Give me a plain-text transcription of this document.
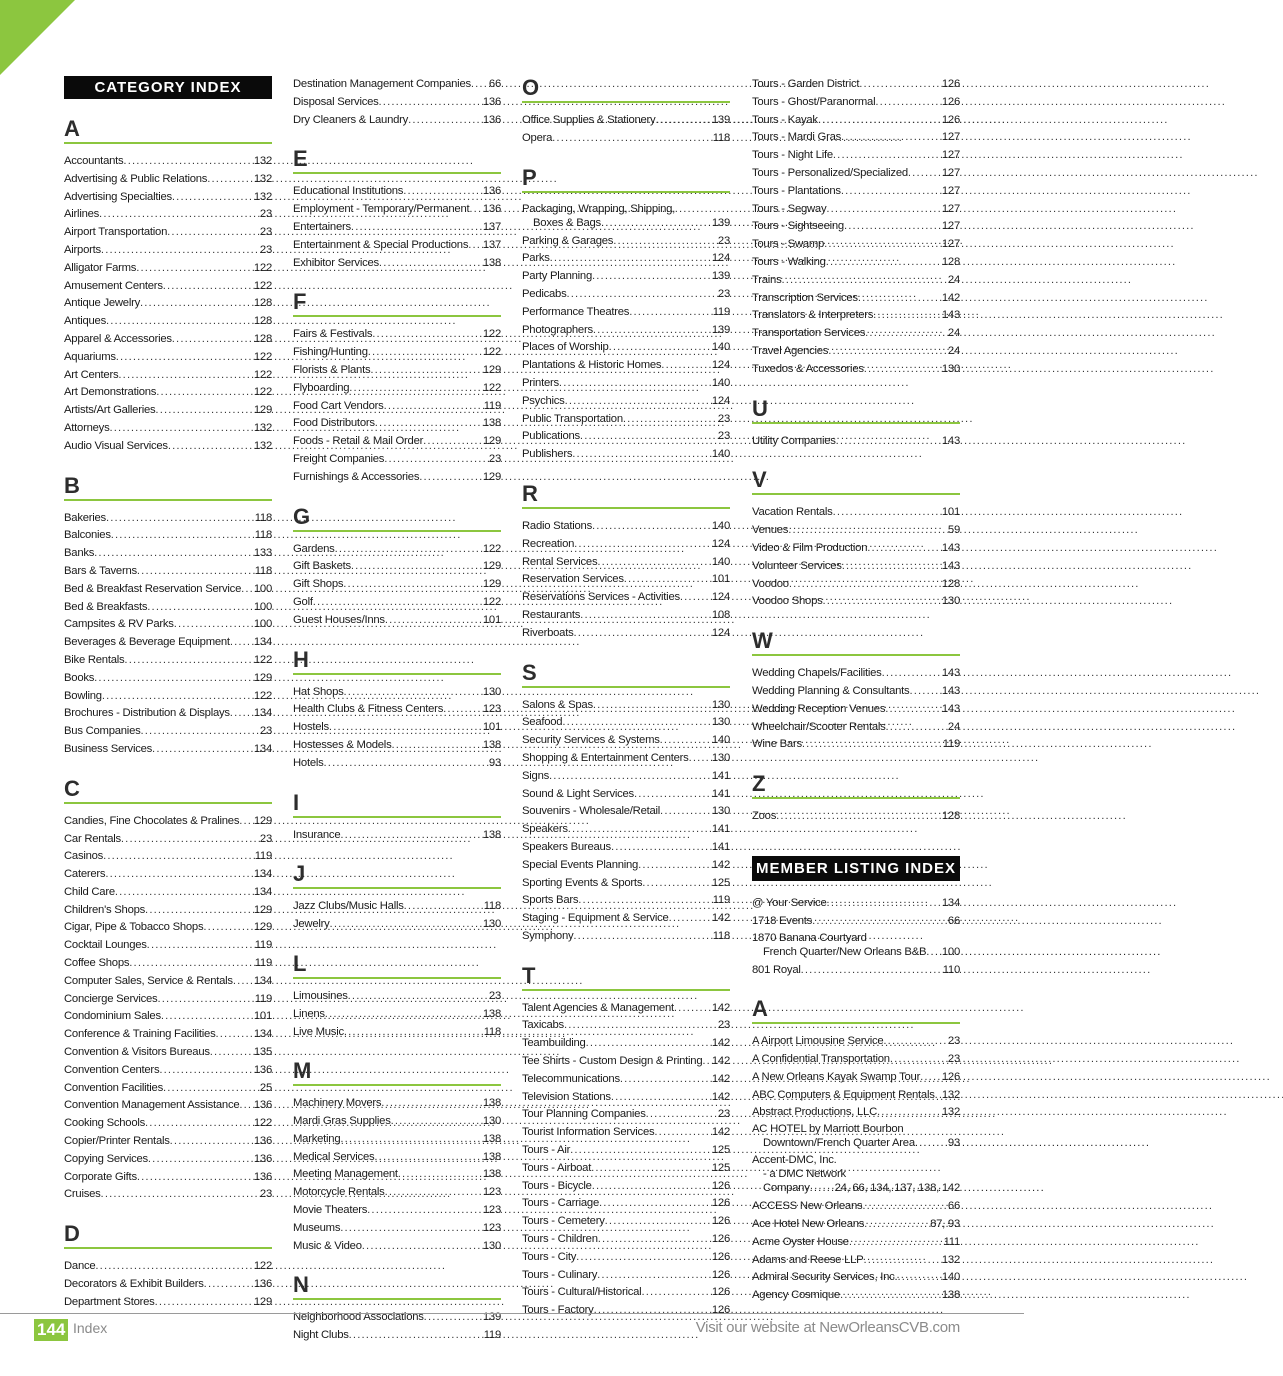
CATEGORY INDEX
A
Accountants . . .	132
Advertising & Public Relations . . .	132
Advertising Specialties . . .	132
Airlines . . .	23
Airport Transportation . . .	23
Airports . . .	23
Alligator Farms . . .	122
Amusement Centers . . .	122
Antique Jewelry . . .	128
Antiques . . .	128
Apparel & Accessories . . .	128
Aquariums . . .	122
Art Centers . . .	122
Art Demonstrations . . .	122
Artists/Art Galleries . . .	129
Attorneys . . .	132
Audio Visual Services . . .	132
B
Bakeries . . .	118
Balconies . . .	118
Banks . . .	133
Bars & Taverns . . .	118
Bed & Breakfast Reservation Service . . . 100
Bed & Breakfasts . . .	100
Campsites & RV Parks . . .	100
Beverages & Beverage Equipment . . . 134
Bike Rentals . . .	122
Books . . .	129
Bowling . . .	122
Brochures - Distribution & Displays . . . 134
Bus Companies . . .	23
Business Services . . .	134
C
Candies, Fine Chocolates & Pralines . . . 129
Car Rentals . . .	23
Casinos . . .	119
Caterers . . .	134
Child Care . . .	134
Children's Shops . . .	129
Cigar, Pipe & Tobacco Shops . . .	129
Cocktail Lounges . . .	119
Coffee Shops . . .	119
Computer Sales, Service & Rentals . . . 134
Concierge Services . . .	119
Condominium Sales . . .	101
Conference & Training Facilities . . .	134
Convention & Visitors Bureaus . . .	135
Convention Centers . . .	136
Convention Facilities . . .	25
Convention Management Assistance . . . 136
Cooking Schools . . .	122
Copier/Printer Rentals . . .	136
Copying Services . . .	136
Corporate Gifts . . .	136
Cruises . . .	23
D
Dance . . .	122
Decorators & Exhibit Builders . . .	136
Department Stores . . .	129
Destination Management Companies . . . 66
Disposal Services . . .	136
Dry Cleaners & Laundry . . .	136
E
Educational Institutions . . .	136
Employment - Temporary/Permanent . . . 136
Entertainers . . .	137
Entertainment & Special Productions . . . 137
Exhibitor Services . . .	138
F
Fairs & Festivals . . .	122
Fishing/Hunting . . .	122
Florists & Plants . . .	129
Flyboarding . . .	122
Food Cart Vendors . . .	119
Food Distributors . . .	138
Foods - Retail & Mail Order . . .	129
Freight Companies . . .	23
Furnishings & Accessories . . .	129
G
Gardens . . .	122
Gift Baskets . . .	129
Gift Shops . . .	129
Golf . . .	122
Guest Houses/Inns . . .	101
H
Hat Shops . . .	130
Health Clubs & Fitness Centers . . .	123
Hostels . . .	101
Hostesses & Models . . .	138
Hotels . . .	93
I
Insurance . . .	138
J
Jazz Clubs/Music Halls . . .	118
Jewelry . . .	130
L
Limousines . . .	23
Linens . . .	138
Live Music . . .	118
M
Machinery Movers . . .	138
Mardi Gras Supplies . . .	130
Marketing . . .	138
Medical Services . . .	138
Meeting Management . . .	138
Motorcycle Rentals . . .	123
Movie Theaters . . .	123
Museums . . .	123
Music & Video . . .	130
N
Neighborhood Associations . . .	139
Night Clubs . . .	119
O
Office Supplies & Stationery . . .	139
Opera . . .	118
P
Packaging, Wrapping, Shipping,
Boxes & Bags . . .	139
Parking & Garages . . .	23
Parks . . .	124
Party Planning . . .	139
Pedicabs . . .	23
Performance Theatres . . .	119
Photographers . . .	139
Places of Worship . . .	140
Plantations & Historic Homes . . .	124
Printers . . .	140
Psychics . . .	124
Public Transportation . . .	23
Publications . . .	23
Publishers . . .	140
R
Radio Stations . . .	140
Recreation . . .	124
Rental Services . . .	140
Reservation Services . . .	101
Reservations Services - Activities . . .	124
Restaurants . . .	108
Riverboats . . .	124
S
Salons & Spas . . .	130
Seafood . . .	130
Security Services & Systems . . .	140
Shopping & Entertainment Centers . . . 130
Signs . . .	141
Sound & Light Services . . .	141
Souvenirs - Wholesale/Retail . . .	130
Speakers . . .	141
Speakers Bureaus . . .	141
Special Events Planning . . .	142
Sporting Events & Sports . . .	125
Sports Bars . . .	119
Staging - Equipment & Service . . .	142
Symphony . . .	118
T
Talent Agencies & Management . . .	142
Taxicabs . . .	23
Teambuilding . . .	142
Tee Shirts - Custom Design & Printing . . . 142
Telecommunications . . .	142
Television Stations . . .	142
Tour Planning Companies . . .	23
Tourist Information Services . . .	142
Tours - Air . . .	125
Tours - Airboat . . .	125
Tours - Bicycle . . .	126
Tours - Carriage . . .	126
Tours - Cemetery . . .	126
Tours - Children . . .	126
Tours - City . . .	126
Tours - Culinary . . .	126
Tours - Cultural/Historical . . .	126
Tours - Factory . . .	126
Tours - Garden District . . .	126
Tours - Ghost/Paranormal . . .	126
Tours - Kayak . . .	126
Tours - Mardi Gras . . .	127
Tours - Night Life . . .	127
Tours - Personalized/Specialized . . .	127
Tours - Plantations . . .	127
Tours - Segway . . .	127
Tours - Sightseeing . . .	127
Tours - Swamp . . .	127
Tours - Walking . . .	128
Trains . . .	24
Transcription Services . . .	142
Translators & Interpreters . . .	143
Transportation Services . . .	24
Travel Agencies . . .	24
Tuxedos & Accessories . . .	130
U
Utility Companies . . .	143
V
Vacation Rentals . . .	101
Venues . . .	59
Video & Film Production . . .	143
Volunteer Services . . .	143
Voodoo . . .	128
Voodoo Shops . . .	130
W
Wedding Chapels/Facilities . . .	143
Wedding Planning & Consultants . . .	143
Wedding Reception Venues . . .	143
Wheelchair/Scooter Rentals . . .	24
Wine Bars . . .	119
Z
Zoos . . .	128
MEMBER LISTING INDEX
@ Your Service . . .	134
1718 Events . . .	66
1870 Banana Courtyard
French Quarter/New Orleans B&B . . . 100
801 Royal . . .	110
A
A Airport Limousine Service . . .	23
A Confidential Transportation . . .	23
A New Orleans Kayak Swamp Tour . . . 126
ABC Computers & Equipment Rentals . . . 132
Abstract Productions, LLC . . .	132
AC HOTEL by Marriott Bourbon
Downtown/French Quarter Area . . .	93
Accent-DMC, Inc.
- a DMC Network
Company . . . 24, 66, 134, 137, 138, 142
ACCESS New Orleans . . .	66
Ace Hotel New Orleans . . .	87, 93
Acme Oyster House . . .	111
Adams and Reese LLP . . .	132
Admiral Security Services, Inc. . . .	140
Agency Cosmique . . .	138
144 Index	Visit our website at NewOrleansCVB.com
